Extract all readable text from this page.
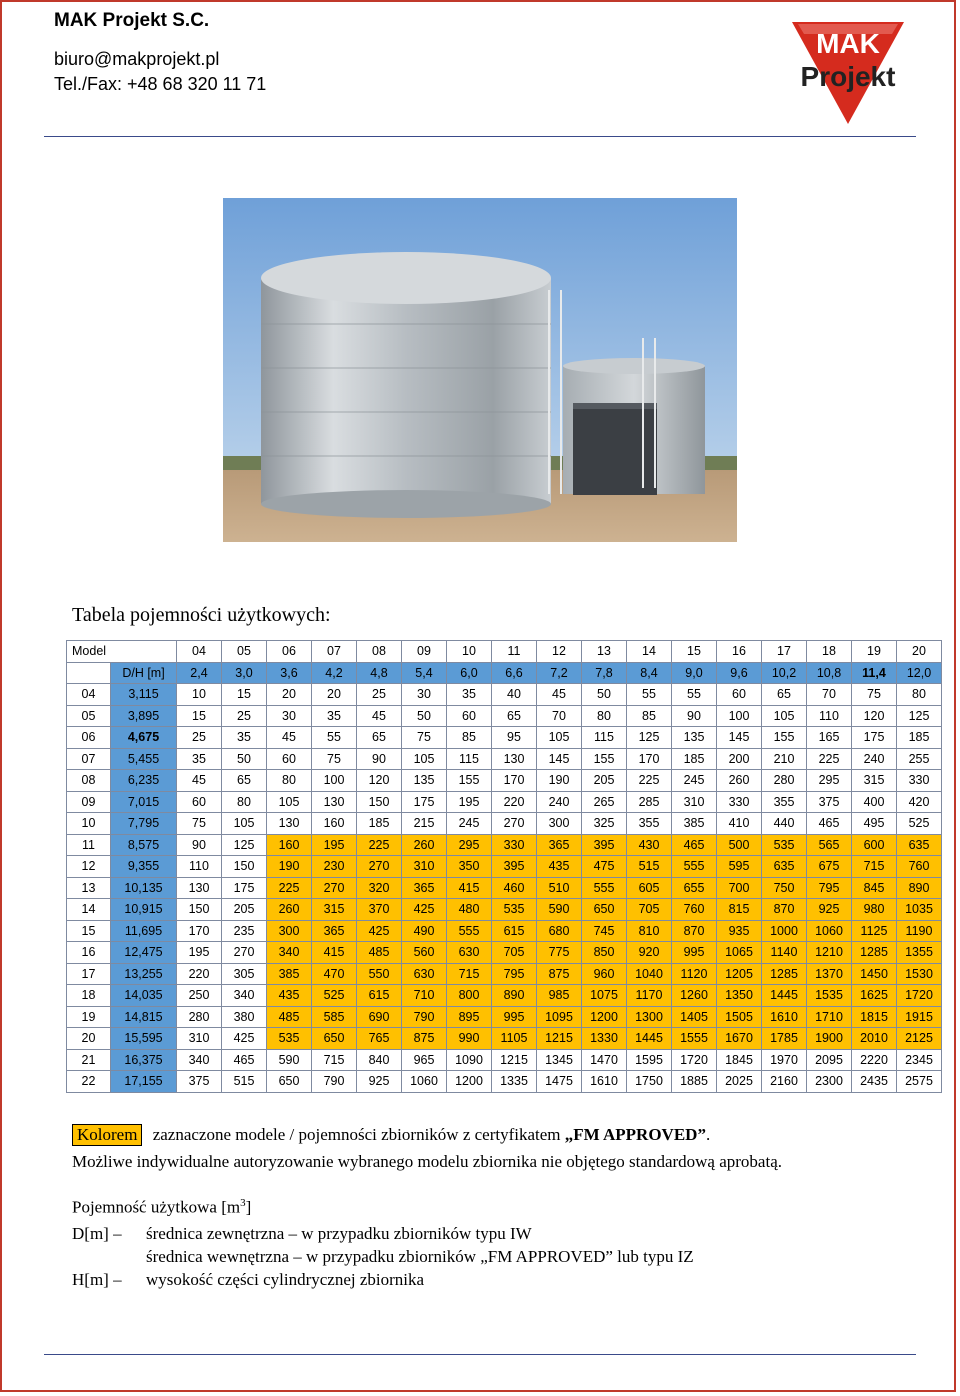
MAK Projekt S.C.
biuro@makprojekt.pl
Tel./Fax: +48 68 320 11 71
MAK
Projekt
Tabela pojemności użytkowych:
Model		04	05	06	07	08	09	10	11	12	13	14	15	16	17	18	19	20
	D/H [m]	2,4	3,0	3,6	4,2	4,8	5,4	6,0	6,6	7,2	7,8	8,4	9,0	9,6	10,2	10,8	11,4	12,0
04	3,115	10	15	20	20	25	30	35	40	45	50	55	55	60	65	70	75	80
05	3,895	15	25	30	35	45	50	60	65	70	80	85	90	100	105	110	120	125
06	4,675	25	35	45	55	65	75	85	95	105	115	125	135	145	155	165	175	185
07	5,455	35	50	60	75	90	105	115	130	145	155	170	185	200	210	225	240	255
08	6,235	45	65	80	100	120	135	155	170	190	205	225	245	260	280	295	315	330
09	7,015	60	80	105	130	150	175	195	220	240	265	285	310	330	355	375	400	420
10	7,795	75	105	130	160	185	215	245	270	300	325	355	385	410	440	465	495	525
11	8,575	90	125	160	195	225	260	295	330	365	395	430	465	500	535	565	600	635
12	9,355	110	150	190	230	270	310	350	395	435	475	515	555	595	635	675	715	760
13	10,135	130	175	225	270	320	365	415	460	510	555	605	655	700	750	795	845	890
14	10,915	150	205	260	315	370	425	480	535	590	650	705	760	815	870	925	980	1035
15	11,695	170	235	300	365	425	490	555	615	680	745	810	870	935	1000	1060	1125	1190
16	12,475	195	270	340	415	485	560	630	705	775	850	920	995	1065	1140	1210	1285	1355
17	13,255	220	305	385	470	550	630	715	795	875	960	1040	1120	1205	1285	1370	1450	1530
18	14,035	250	340	435	525	615	710	800	890	985	1075	1170	1260	1350	1445	1535	1625	1720
19	14,815	280	380	485	585	690	790	895	995	1095	1200	1300	1405	1505	1610	1710	1815	1915
20	15,595	310	425	535	650	765	875	990	1105	1215	1330	1445	1555	1670	1785	1900	2010	2125
21	16,375	340	465	590	715	840	965	1090	1215	1345	1470	1595	1720	1845	1970	2095	2220	2345
22	17,155	375	515	650	790	925	1060	1200	1335	1475	1610	1750	1885	2025	2160	2300	2435	2575
Kolorem zaznaczone modele / pojemności zbiorników z certyfikatem „FM APPROVED”.
Możliwe indywidualne autoryzowanie wybranego modelu zbiornika nie objętego standardową aprobatą.
Pojemność użytkowa $[m^3]$
D[m] – średnica zewnętrzna – w przypadku zbiorników typu IW
średnica wewnętrzna – w przypadku zbiorników „FM APPROVED” lub typu IZ
H[m] – wysokość części cylindrycznej zbiornika
